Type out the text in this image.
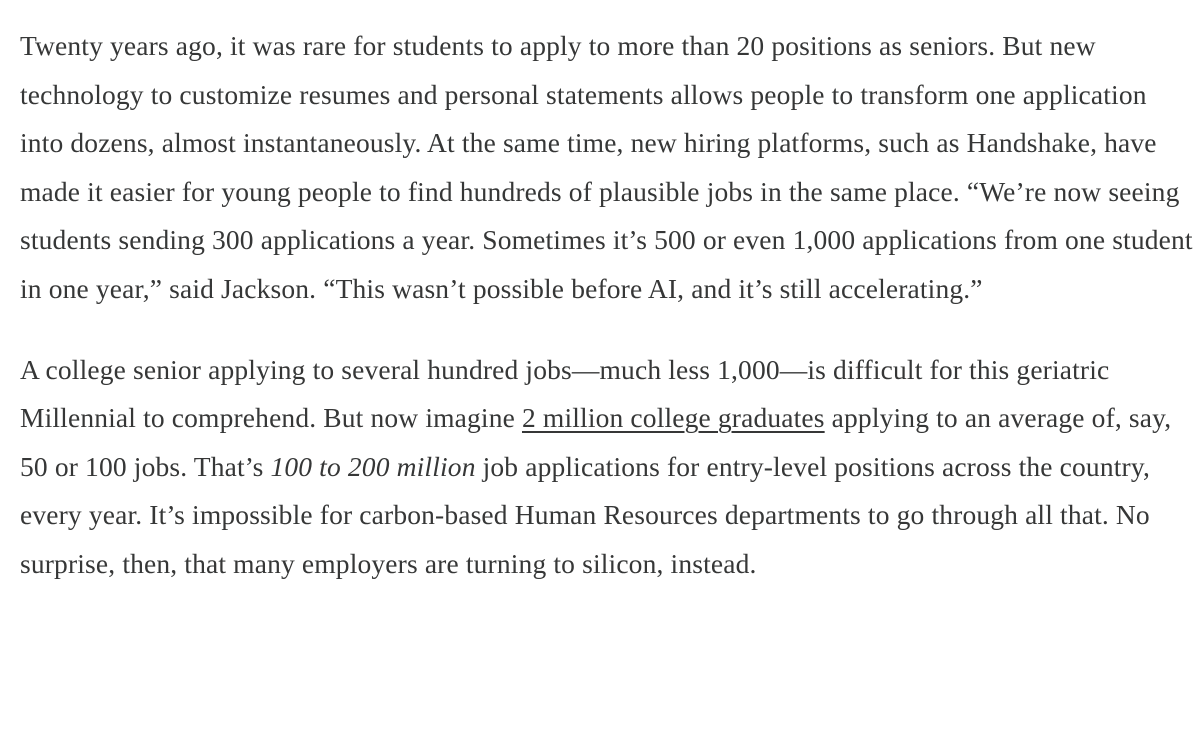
Twenty years ago, it was rare for students to apply to more than 20 positions as seniors. But new technology to customize resumes and personal statements allows people to transform one application into dozens, almost instantaneously. At the same time, new hiring platforms, such as Handshake, have made it easier for young people to find hundreds of plausible jobs in the same place. “We’re now seeing students sending 300 applications a year. Sometimes it’s 500 or even 1,000 applications from one student in one year,” said Jackson. “This wasn’t possible before AI, and it’s still accelerating.”

A college senior applying to several hundred jobs—much less 1,000—is difficult for this geriatric Millennial to comprehend. But now imagine 2 million college graduates applying to an average of, say, 50 or 100 jobs. That’s 100 to 200 million job applications for entry-level positions across the country, every year. It’s impossible for carbon-based Human Resources departments to go through all that. No surprise, then, that many employers are turning to silicon, instead.
